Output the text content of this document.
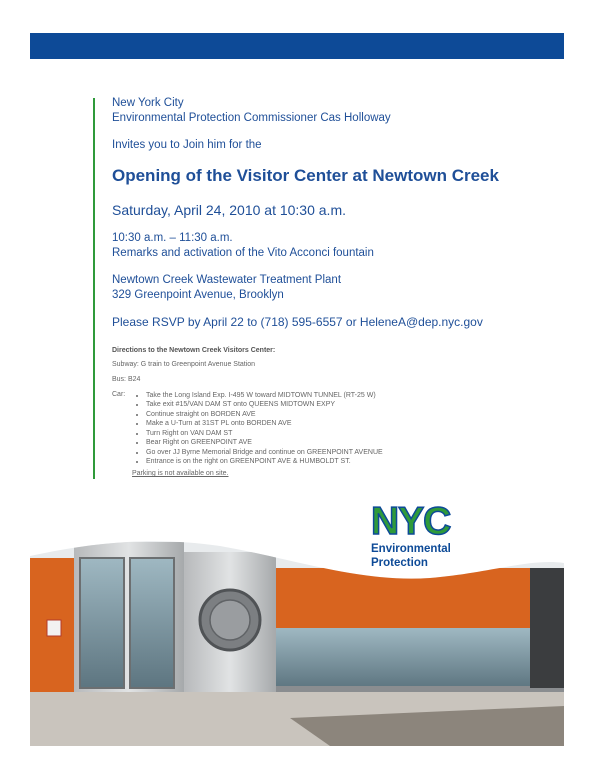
New York City

Environmental Protection Commissioner Cas Holloway

Invites you to Join him for the

Opening of the Visitor Center at Newtown Creek

Saturday, April 24, 2010 at 10:30 a.m.

10:30 a.m. – 11:30 a.m.

Remarks and activation of the Vito Acconci fountain

Newtown Creek Wastewater Treatment Plant

329 Greenpoint Avenue, Brooklyn

Please RSVP by April 22 to (718) 595-6557 or HeleneA@dep.nyc.gov

Directions to the Newtown Creek Visitors Center:
Subway: G train to Greenpoint Avenue Station
Bus: B24
Car:
•	Take the Long Island Exp. I-495 W toward MIDTOWN TUNNEL (RT-25 W)
• Take exit #15/VAN DAM ST onto QUEENS MIDTOWN EXPY
• Continue straight on BORDEN AVE
• Make a U-Turn at 31ST PL onto BORDEN AVE
• Turn Right on VAN DAM ST
• Bear Right on GREENPOINT AVE
• Go over JJ Byrne Memorial Bridge and continue on GREENPOINT AVENUE
• Entrance is on the right on GREENPOINT AVE & HUMBOLDT ST.
Parking is not available on site.
NYC
Environmental
Protection
